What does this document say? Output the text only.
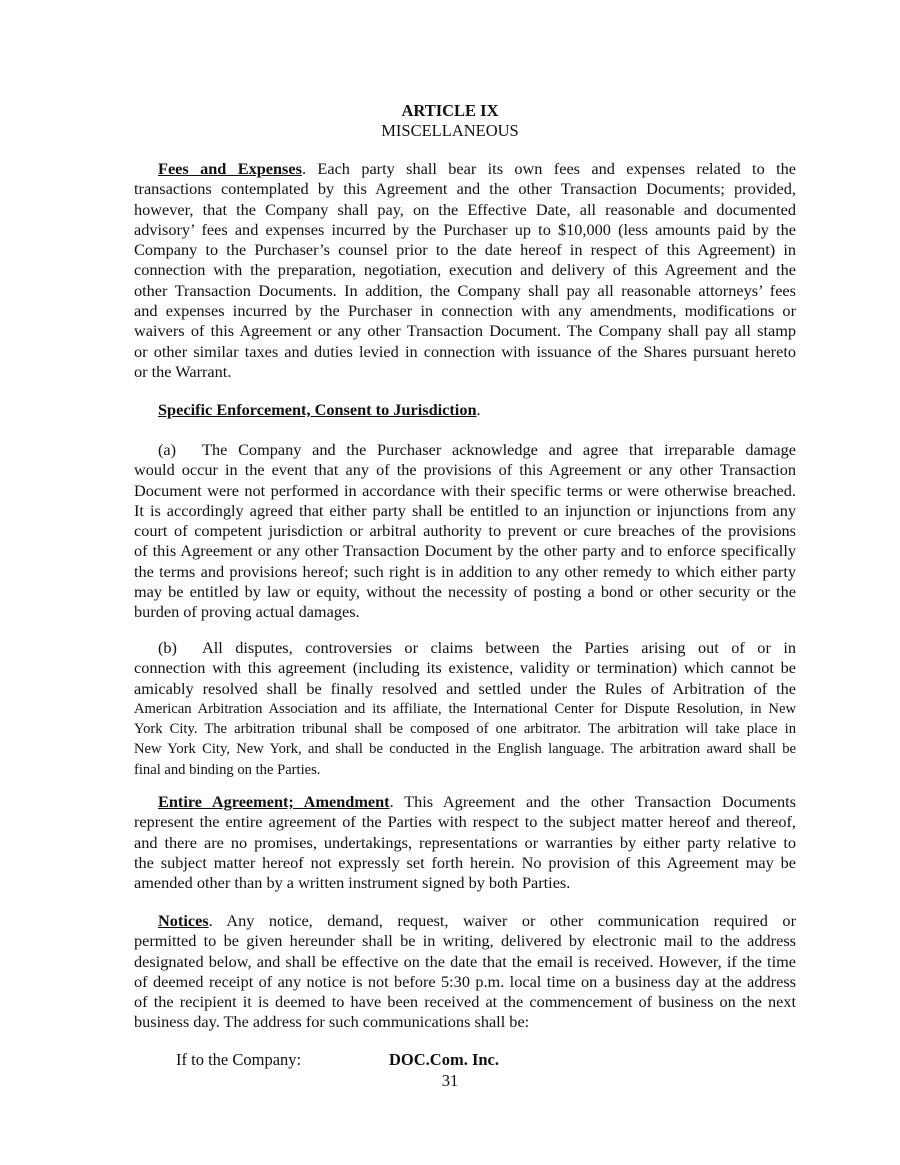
ARTICLE IX
MISCELLANEOUS
Fees and Expenses. Each party shall bear its own fees and expenses related to the
transactions contemplated by this Agreement and the other Transaction Documents; provided,
however, that the Company shall pay, on the Effective Date, all reasonable and documented
advisory’ fees and expenses incurred by the Purchaser up to $10,000 (less amounts paid by the
Company to the Purchaser’s counsel prior to the date hereof in respect of this Agreement) in
connection with the preparation, negotiation, execution and delivery of this Agreement and the
other Transaction Documents. In addition, the Company shall pay all reasonable attorneys’ fees
and expenses incurred by the Purchaser in connection with any amendments, modifications or
waivers of this Agreement or any other Transaction Document. The Company shall pay all stamp
or other similar taxes and duties levied in connection with issuance of the Shares pursuant hereto
or the Warrant.
Specific Enforcement, Consent to Jurisdiction.
(a) The Company and the Purchaser acknowledge and agree that irreparable damage
would occur in the event that any of the provisions of this Agreement or any other Transaction
Document were not performed in accordance with their specific terms or were otherwise breached.
It is accordingly agreed that either party shall be entitled to an injunction or injunctions from any
court of competent jurisdiction or arbitral authority to prevent or cure breaches of the provisions
of this Agreement or any other Transaction Document by the other party and to enforce specifically
the terms and provisions hereof; such right is in addition to any other remedy to which either party
may be entitled by law or equity, without the necessity of posting a bond or other security or the
burden of proving actual damages.
(b) All disputes, controversies or claims between the Parties arising out of or in
connection with this agreement (including its existence, validity or termination) which cannot be
amicably resolved shall be finally resolved and settled under the Rules of Arbitration of the
American Arbitration Association and its affiliate, the International Center for Dispute Resolution, in New
York City. The arbitration tribunal shall be composed of one arbitrator. The arbitration will take place in
New York City, New York, and shall be conducted in the English language. The arbitration award shall be
final and binding on the Parties.
Entire Agreement; Amendment. This Agreement and the other Transaction Documents
represent the entire agreement of the Parties with respect to the subject matter hereof and thereof,
and there are no promises, undertakings, representations or warranties by either party relative to
the subject matter hereof not expressly set forth herein. No provision of this Agreement may be
amended other than by a written instrument signed by both Parties.
Notices. Any notice, demand, request, waiver or other communication required or
permitted to be given hereunder shall be in writing, delivered by electronic mail to the address
designated below, and shall be effective on the date that the email is received. However, if the time
of deemed receipt of any notice is not before 5:30 p.m. local time on a business day at the address
of the recipient it is deemed to have been received at the commencement of business on the next
business day. The address for such communications shall be:
If to the Company:	DOC.Com. Inc.
31
